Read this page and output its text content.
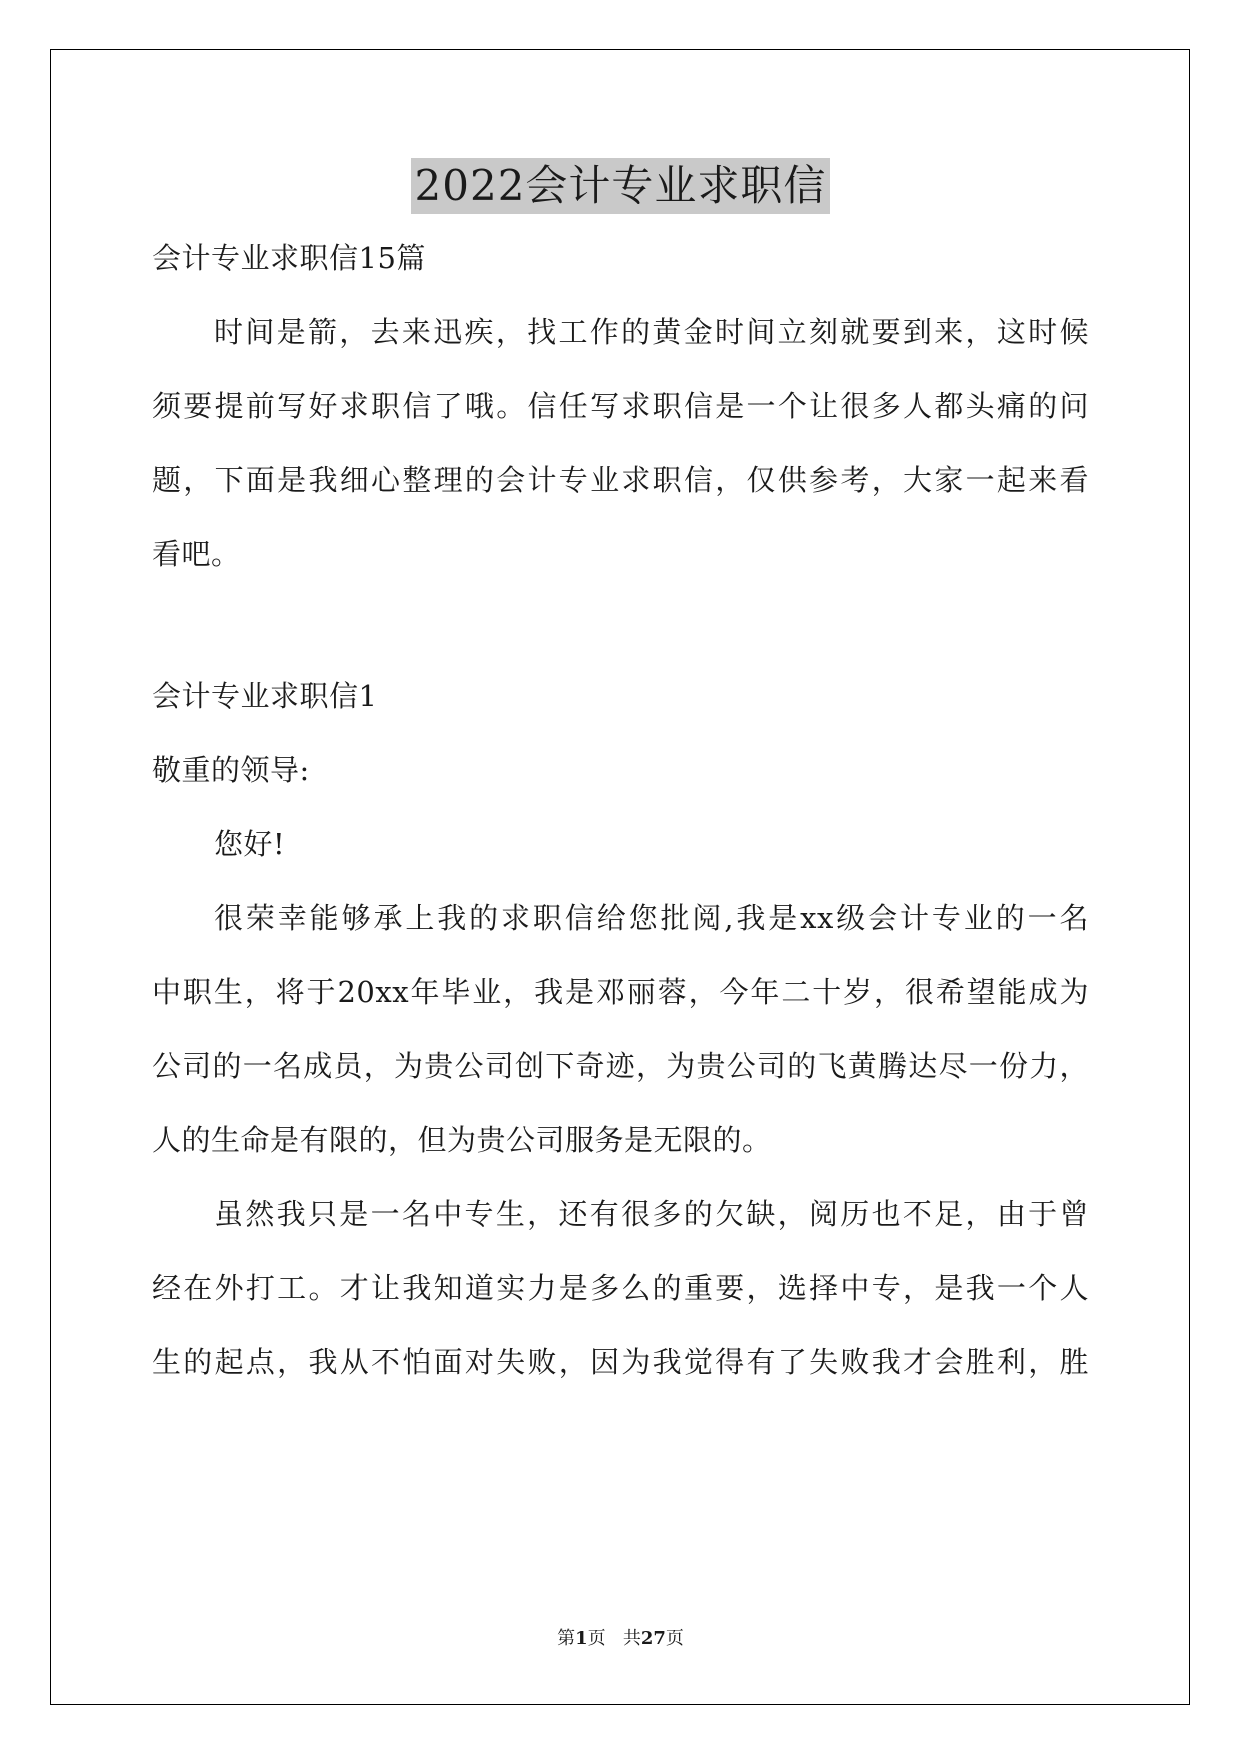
2022会计专业求职信
会计专业求职信15篇
时间是箭，去来迅疾，找工作的黄金时间立刻就要到来，这时候
须要提前写好求职信了哦。信任写求职信是一个让很多人都头痛的问
题，下面是我细心整理的会计专业求职信，仅供参考，大家一起来看
看吧。
会计专业求职信1
敬重的领导:
您好!
很荣幸能够承上我的求职信给您批阅,我是xx级会计专业的一名
中职生，将于20xx年毕业，我是邓丽蓉，今年二十岁，很希望能成为
公司的一名成员，为贵公司创下奇迹，为贵公司的飞黄腾达尽一份力，
人的生命是有限的，但为贵公司服务是无限的。
虽然我只是一名中专生，还有很多的欠缺，阅历也不足，由于曾
经在外打工。才让我知道实力是多么的重要，选择中专，是我一个人
生的起点，我从不怕面对失败，因为我觉得有了失败我才会胜利，胜
第1页 共27页
